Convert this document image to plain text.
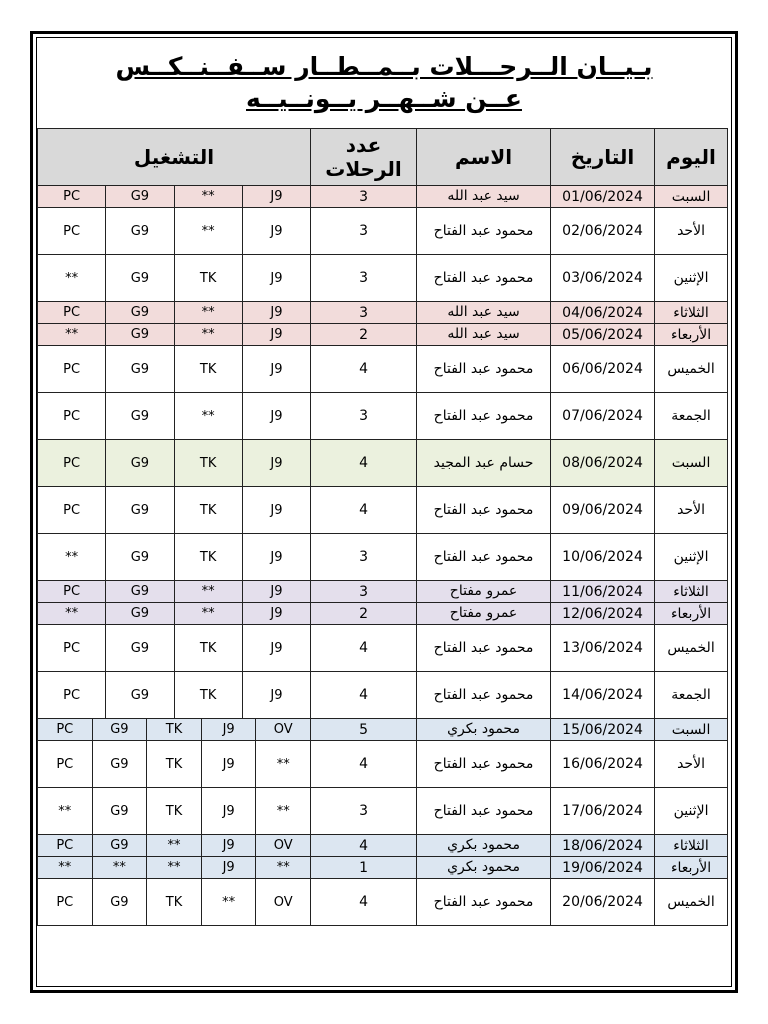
بـيــان الــرحـــلات بــمــطــار ســفــنــكــس عــن شــهــر يــونــيــه
التشغيل	عدد الرحلات	الاسم	التاريخ	اليوم

PC G9 ** J9	3	سيد عبد الله	01/06/2024	السبت

PC G9 ** J9	3	محمود عبد الفتاح	02/06/2024	الأحد

** G9 TK J9	3	محمود عبد الفتاح	03/06/2024	الإثنين

PC G9 ** J9	3	سيد عبد الله	04/06/2024	الثلاثاء

** G9 ** J9	2	سيد عبد الله	05/06/2024	الأربعاء

PC G9 TK J9	4	محمود عبد الفتاح	06/06/2024	الخميس

PC G9 ** J9	3	محمود عبد الفتاح	07/06/2024	الجمعة

PC G9 TK J9	4	حسام عبد المجيد	08/06/2024	السبت

PC G9 TK J9	4	محمود عبد الفتاح	09/06/2024	الأحد

** G9 TK J9	3	محمود عبد الفتاح	10/06/2024	الإثنين

PC G9 ** J9	3	عمرو مفتاح	11/06/2024	الثلاثاء

** G9 ** J9	2	عمرو مفتاح	12/06/2024	الأربعاء

PC G9 TK J9	4	محمود عبد الفتاح	13/06/2024	الخميس

PC G9 TK J9	4	محمود عبد الفتاح	14/06/2024	الجمعة

PC G9 TK J9 OV	5	محمود بكري	15/06/2024	السبت

PC G9 TK J9 **	4	محمود عبد الفتاح	16/06/2024	الأحد

** G9 TK J9 **	3	محمود عبد الفتاح	17/06/2024	الإثنين

PC G9 ** J9 OV	4	محمود بكري	18/06/2024	الثلاثاء

** ** ** J9 **	1	محمود بكري	19/06/2024	الأربعاء

PC G9 TK ** OV	4	محمود عبد الفتاح	20/06/2024	الخميس
